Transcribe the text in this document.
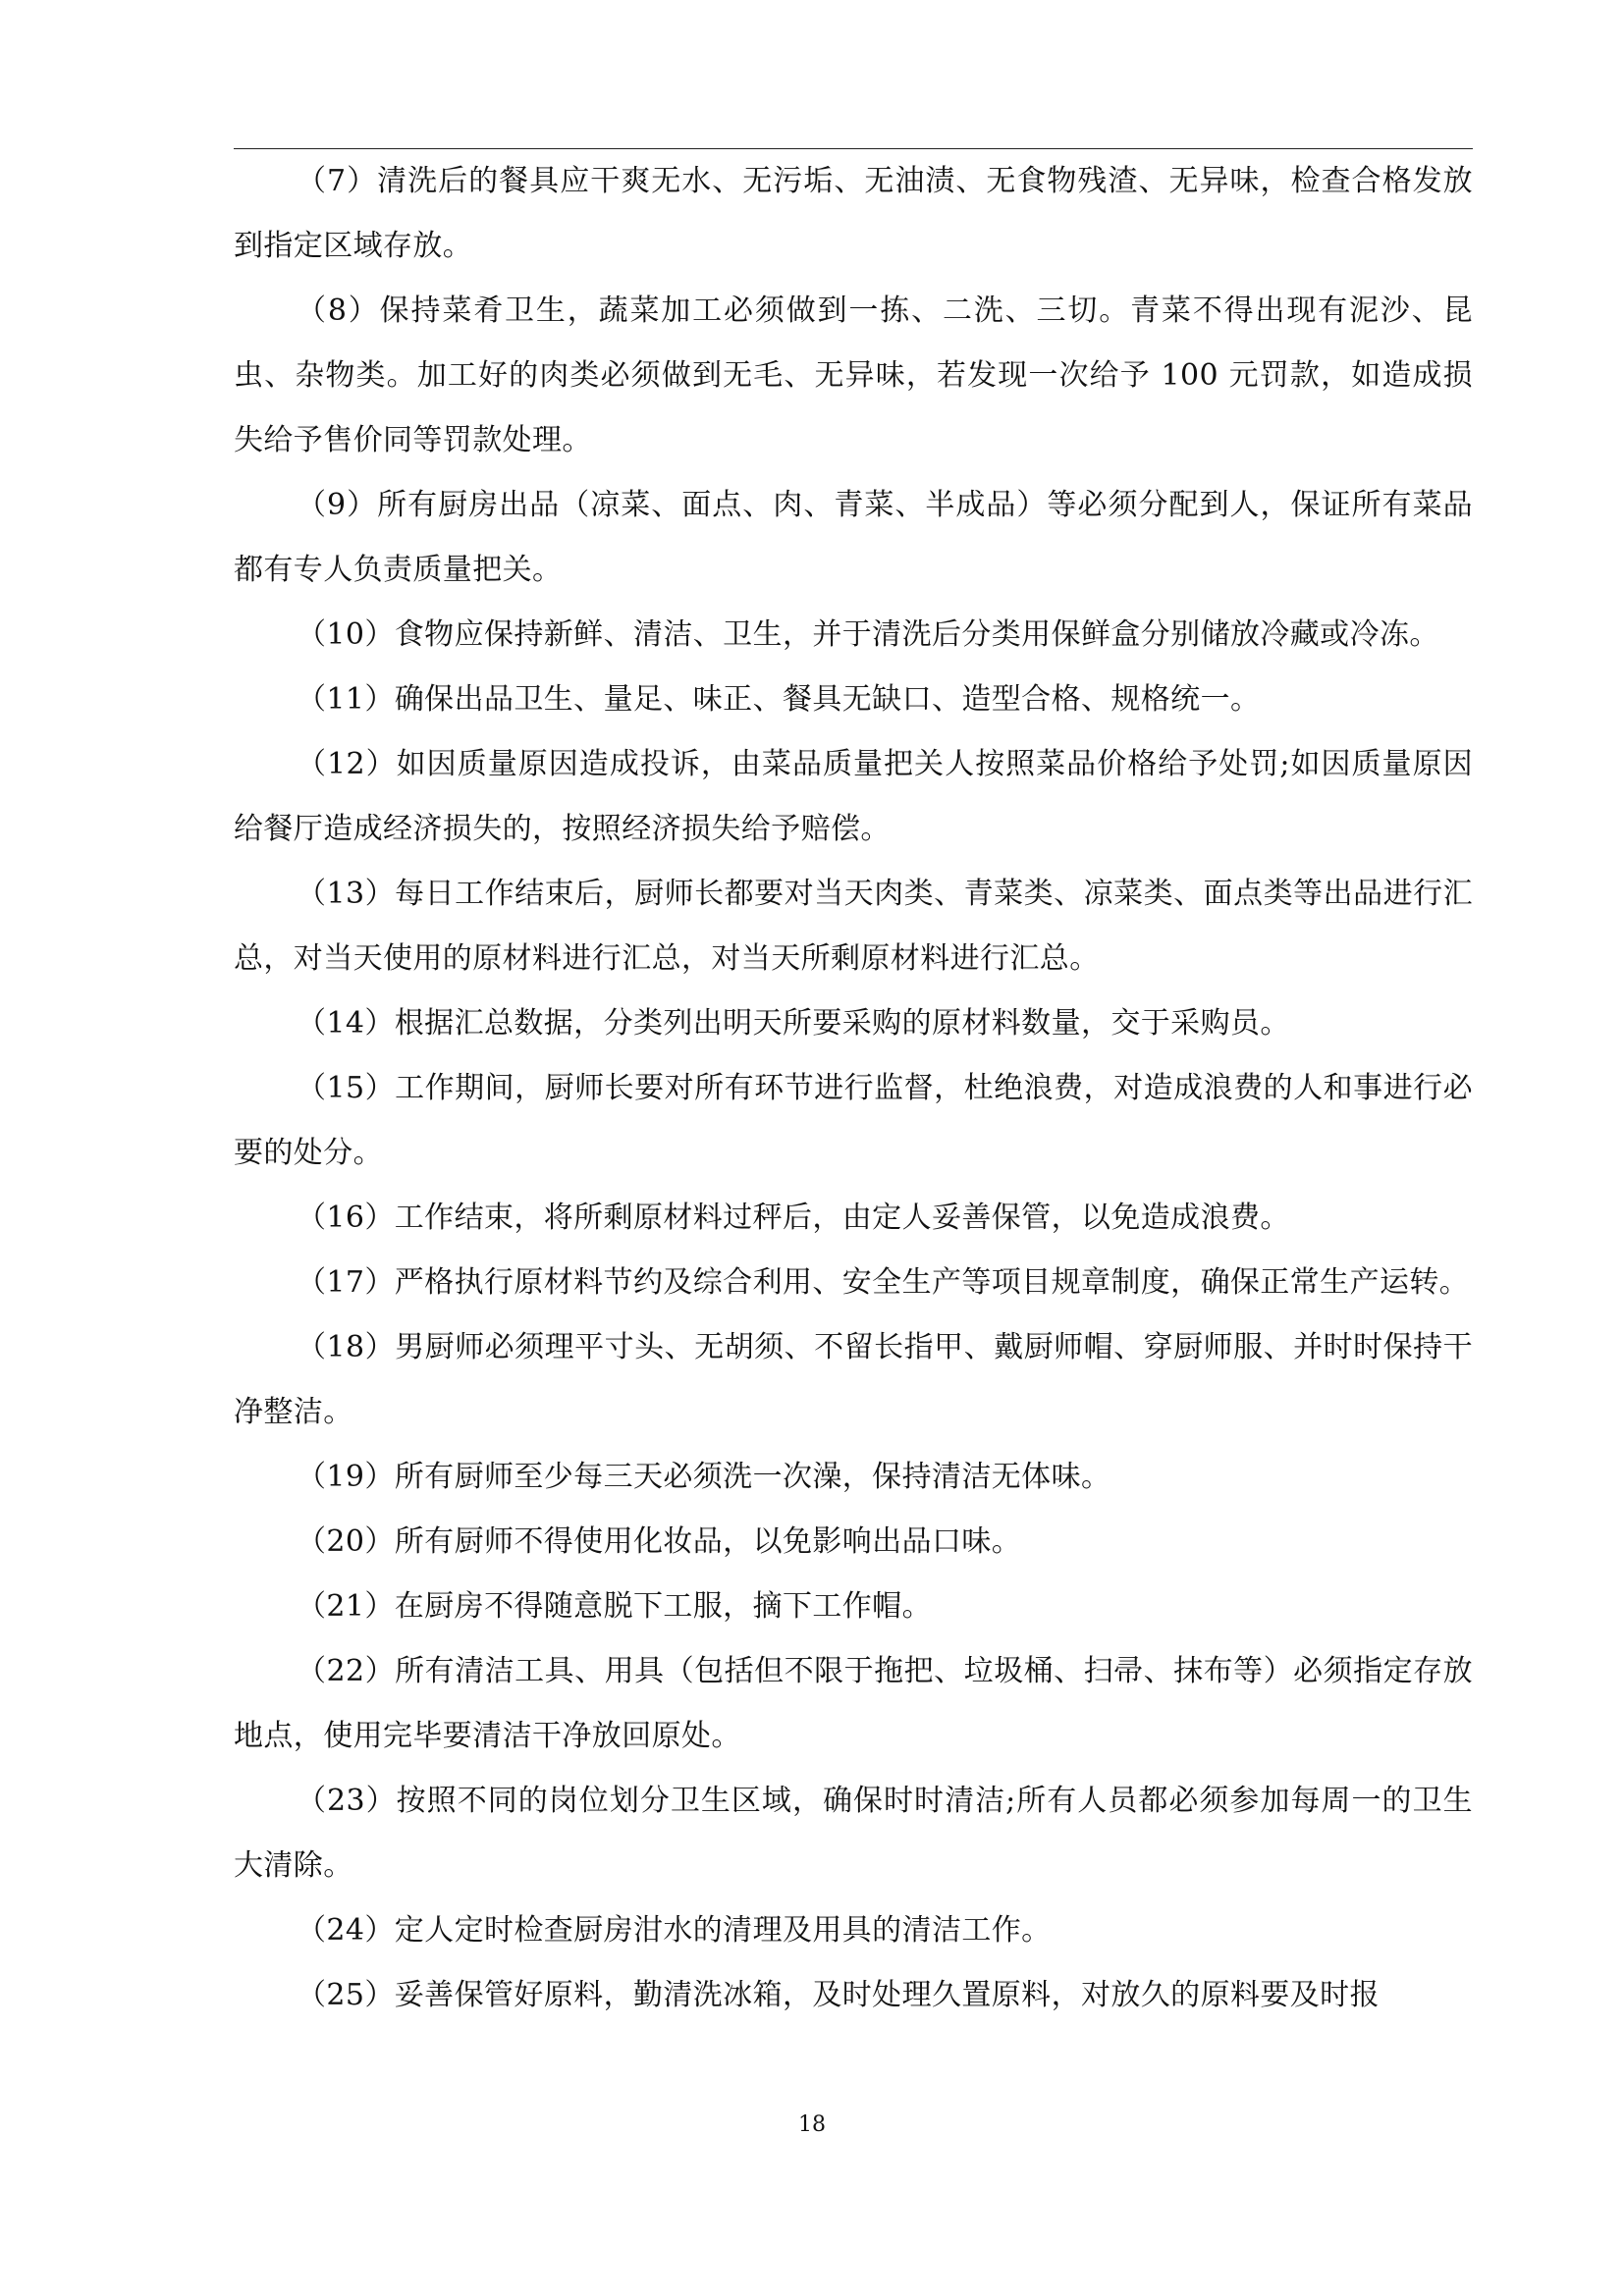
（7）清洗后的餐具应干爽无水、无污垢、无油渍、无食物残渣、无异味，检查合格发放到指定区域存放。

（8）保持菜肴卫生，蔬菜加工必须做到一拣、二洗、三切。青菜不得出现有泥沙、昆虫、杂物类。加工好的肉类必须做到无毛、无异味，若发现一次给予 100 元罚款，如造成损失给予售价同等罚款处理。

（9）所有厨房出品（凉菜、面点、肉、青菜、半成品）等必须分配到人，保证所有菜品都有专人负责质量把关。

（10）食物应保持新鲜、清洁、卫生，并于清洗后分类用保鲜盒分别储放冷藏或冷冻。

（11）确保出品卫生、量足、味正、餐具无缺口、造型合格、规格统一。

（12）如因质量原因造成投诉，由菜品质量把关人按照菜品价格给予处罚;如因质量原因给餐厅造成经济损失的，按照经济损失给予赔偿。

（13）每日工作结束后，厨师长都要对当天肉类、青菜类、凉菜类、面点类等出品进行汇总，对当天使用的原材料进行汇总，对当天所剩原材料进行汇总。

（14）根据汇总数据，分类列出明天所要采购的原材料数量，交于采购员。

（15）工作期间，厨师长要对所有环节进行监督，杜绝浪费，对造成浪费的人和事进行必要的处分。

（16）工作结束，将所剩原材料过秤后，由定人妥善保管，以免造成浪费。

（17）严格执行原材料节约及综合利用、安全生产等项目规章制度，确保正常生产运转。

（18）男厨师必须理平寸头、无胡须、不留长指甲、戴厨师帽、穿厨师服、并时时保持干净整洁。

（19）所有厨师至少每三天必须洗一次澡，保持清洁无体味。

（20）所有厨师不得使用化妆品，以免影响出品口味。

（21）在厨房不得随意脱下工服，摘下工作帽。

（22）所有清洁工具、用具（包括但不限于拖把、垃圾桶、扫帚、抹布等）必须指定存放地点，使用完毕要清洁干净放回原处。

（23）按照不同的岗位划分卫生区域，确保时时清洁;所有人员都必须参加每周一的卫生大清除。

（24）定人定时检查厨房泔水的清理及用具的清洁工作。

（25）妥善保管好原料，勤清洗冰箱，及时处理久置原料，对放久的原料要及时报

18
